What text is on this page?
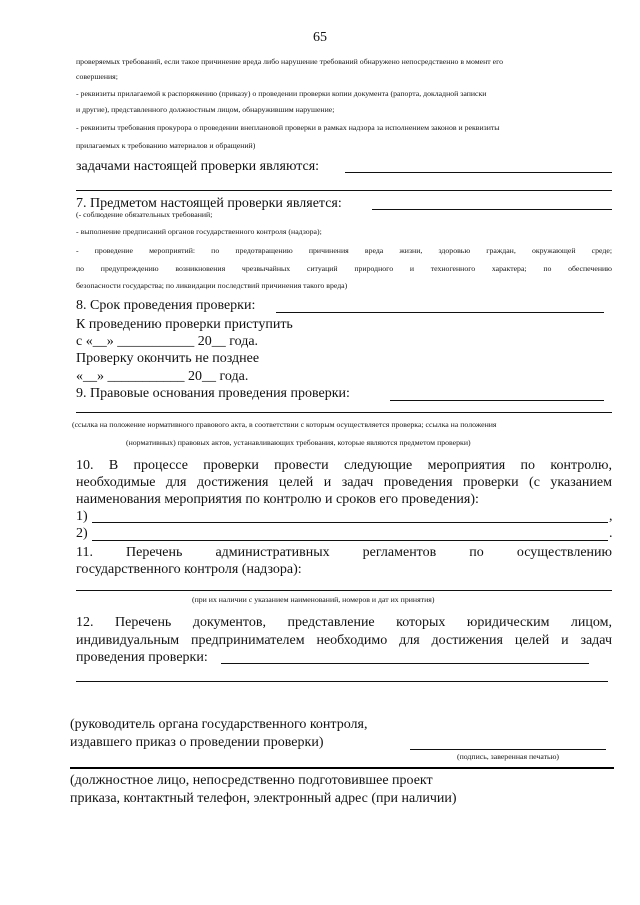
65
проверяемых требований, если такое причинение вреда либо нарушение требований обнаружено непосредственно в момент его
совершения;
- реквизиты прилагаемой к распоряжению (приказу) о проведении проверки копии документа (рапорта, докладной записки
и другие), представленного должностным лицом, обнаружившим нарушение;
- реквизиты требования прокурора о проведении внеплановой проверки в рамках надзора за исполнением законов и реквизиты
прилагаемых к требованию материалов и обращений)
задачами настоящей проверки являются:
7. Предметом настоящей проверки является:
(- соблюдение обязательных требований;
- выполнение предписаний органов государственного контроля (надзора);
- проведение мероприятий: по предотвращению причинения вреда жизни, здоровью граждан, окружающей среде;
по предупреждению возникновения чрезвычайных ситуаций природного и техногенного характера; по обеспечению
безопасности государства; по ликвидации последствий причинения такого вреда)
8. Срок проведения проверки:
К проведению проверки приступить
с «__» ___________ 20__ года.
Проверку окончить не позднее
«__» ___________ 20__ года.
9. Правовые основания проведения проверки:
(ссылка на положение нормативного правового акта, в соответствии с которым осуществляется проверка; ссылка на положения
(нормативных) правовых актов, устанавливающих требования, которые являются предметом проверки)
10. В процессе проверки провести следующие мероприятия по контролю,
необходимые для достижения целей и задач проведения проверки (с указанием
наименования мероприятия по контролю и сроков его проведения):
1)	,
2)	.
11. Перечень административных регламентов по осуществлению
государственного контроля (надзора):
(при их наличии с указанием наименований, номеров и дат их принятия)
12. Перечень документов, представление которых юридическим лицом,
индивидуальным предпринимателем необходимо для достижения целей и задач
проведения проверки:
(руководитель органа государственного контроля,
издавшего приказ о проведении проверки)
(подпись, заверенная печатью)
(должностное лицо, непосредственно подготовившее проект
приказа, контактный телефон, электронный адрес (при наличии)
